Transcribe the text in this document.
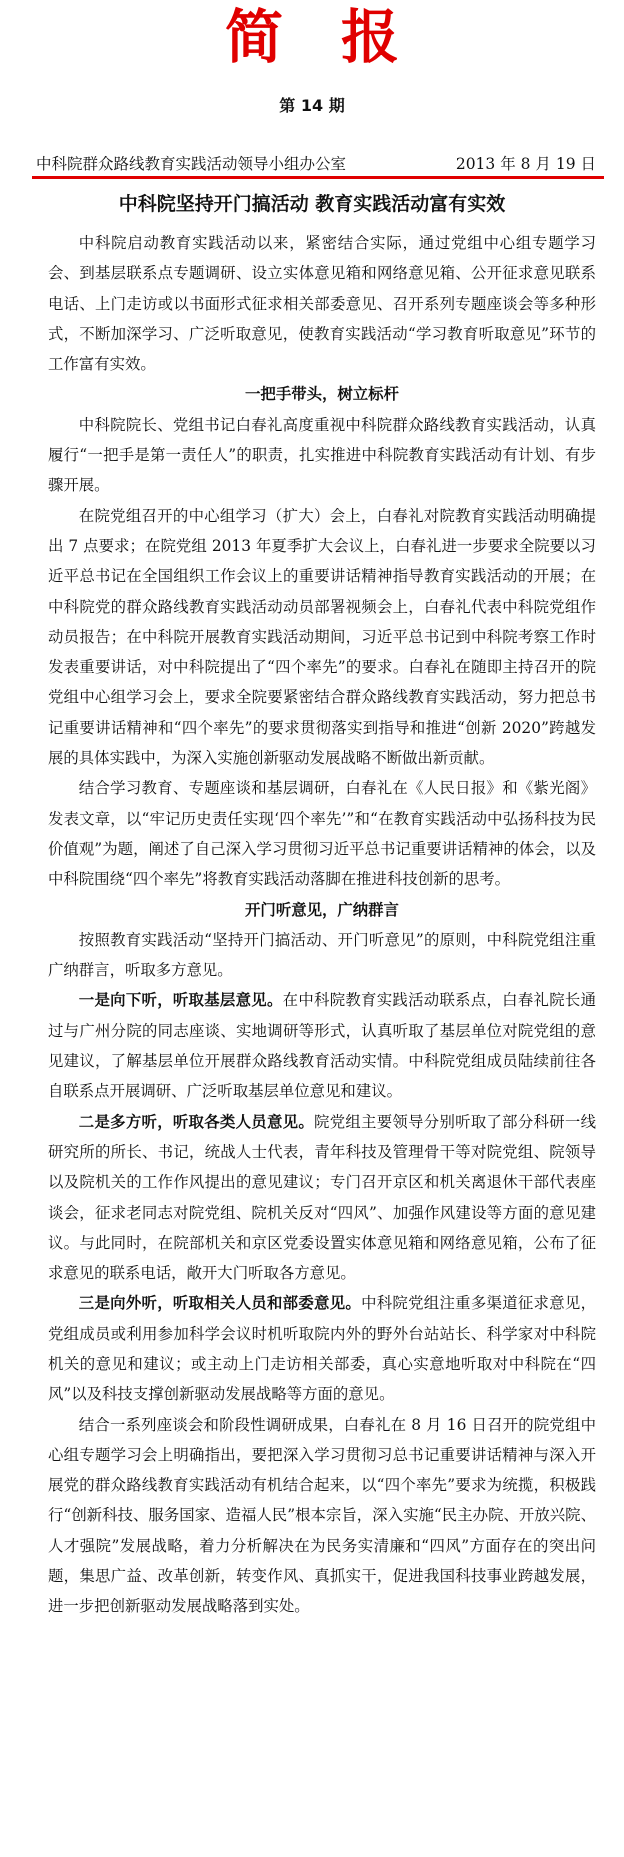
简报
第 14 期
中科院群众路线教育实践活动领导小组办公室	2013 年 8 月 19 日
中科院坚持开门搞活动 教育实践活动富有实效

中科院启动教育实践活动以来，紧密结合实际，通过党组中心组专题学习会、到基层联系点专题调研、设立实体意见箱和网络意见箱、公开征求意见联系电话、上门走访或以书面形式征求相关部委意见、召开系列专题座谈会等多种形式，不断加深学习、广泛听取意见，使教育实践活动“学习教育听取意见”环节的工作富有实效。

一把手带头，树立标杆

中科院院长、党组书记白春礼高度重视中科院群众路线教育实践活动，认真履行“一把手是第一责任人”的职责，扎实推进中科院教育实践活动有计划、有步骤开展。

在院党组召开的中心组学习（扩大）会上，白春礼对院教育实践活动明确提出 7 点要求；在院党组 2013 年夏季扩大会议上，白春礼进一步要求全院要以习近平总书记在全国组织工作会议上的重要讲话精神指导教育实践活动的开展；在中科院党的群众路线教育实践活动动员部署视频会上，白春礼代表中科院党组作动员报告；在中科院开展教育实践活动期间，习近平总书记到中科院考察工作时发表重要讲话，对中科院提出了“四个率先”的要求。白春礼在随即主持召开的院党组中心组学习会上，要求全院要紧密结合群众路线教育实践活动，努力把总书记重要讲话精神和“四个率先”的要求贯彻落实到指导和推进“创新 2020”跨越发展的具体实践中，为深入实施创新驱动发展战略不断做出新贡献。

结合学习教育、专题座谈和基层调研，白春礼在《人民日报》和《紫光阁》发表文章，以“牢记历史责任实现‘四个率先’”和“在教育实践活动中弘扬科技为民价值观”为题，阐述了自己深入学习贯彻习近平总书记重要讲话精神的体会，以及中科院围绕“四个率先”将教育实践活动落脚在推进科技创新的思考。

开门听意见，广纳群言

按照教育实践活动“坚持开门搞活动、开门听意见”的原则，中科院党组注重广纳群言，听取多方意见。

一是向下听，听取基层意见。在中科院教育实践活动联系点，白春礼院长通过与广州分院的同志座谈、实地调研等形式，认真听取了基层单位对院党组的意见建议，了解基层单位开展群众路线教育活动实情。中科院党组成员陆续前往各自联系点开展调研、广泛听取基层单位意见和建议。

二是多方听，听取各类人员意见。院党组主要领导分别听取了部分科研一线研究所的所长、书记，统战人士代表，青年科技及管理骨干等对院党组、院领导以及院机关的工作作风提出的意见建议；专门召开京区和机关离退休干部代表座谈会，征求老同志对院党组、院机关反对“四风”、加强作风建设等方面的意见建议。与此同时，在院部机关和京区党委设置实体意见箱和网络意见箱，公布了征求意见的联系电话，敞开大门听取各方意见。

三是向外听，听取相关人员和部委意见。中科院党组注重多渠道征求意见，党组成员或利用参加科学会议时机听取院内外的野外台站站长、科学家对中科院机关的意见和建议；或主动上门走访相关部委，真心实意地听取对中科院在“四风”以及科技支撑创新驱动发展战略等方面的意见。

结合一系列座谈会和阶段性调研成果，白春礼在 8 月 16 日召开的院党组中心组专题学习会上明确指出，要把深入学习贯彻习总书记重要讲话精神与深入开展党的群众路线教育实践活动有机结合起来，以“四个率先”要求为统揽，积极践行“创新科技、服务国家、造福人民”根本宗旨，深入实施“民主办院、开放兴院、人才强院”发展战略，着力分析解决在为民务实清廉和“四风”方面存在的突出问题，集思广益、改革创新，转变作风、真抓实干，促进我国科技事业跨越发展，进一步把创新驱动发展战略落到实处。
